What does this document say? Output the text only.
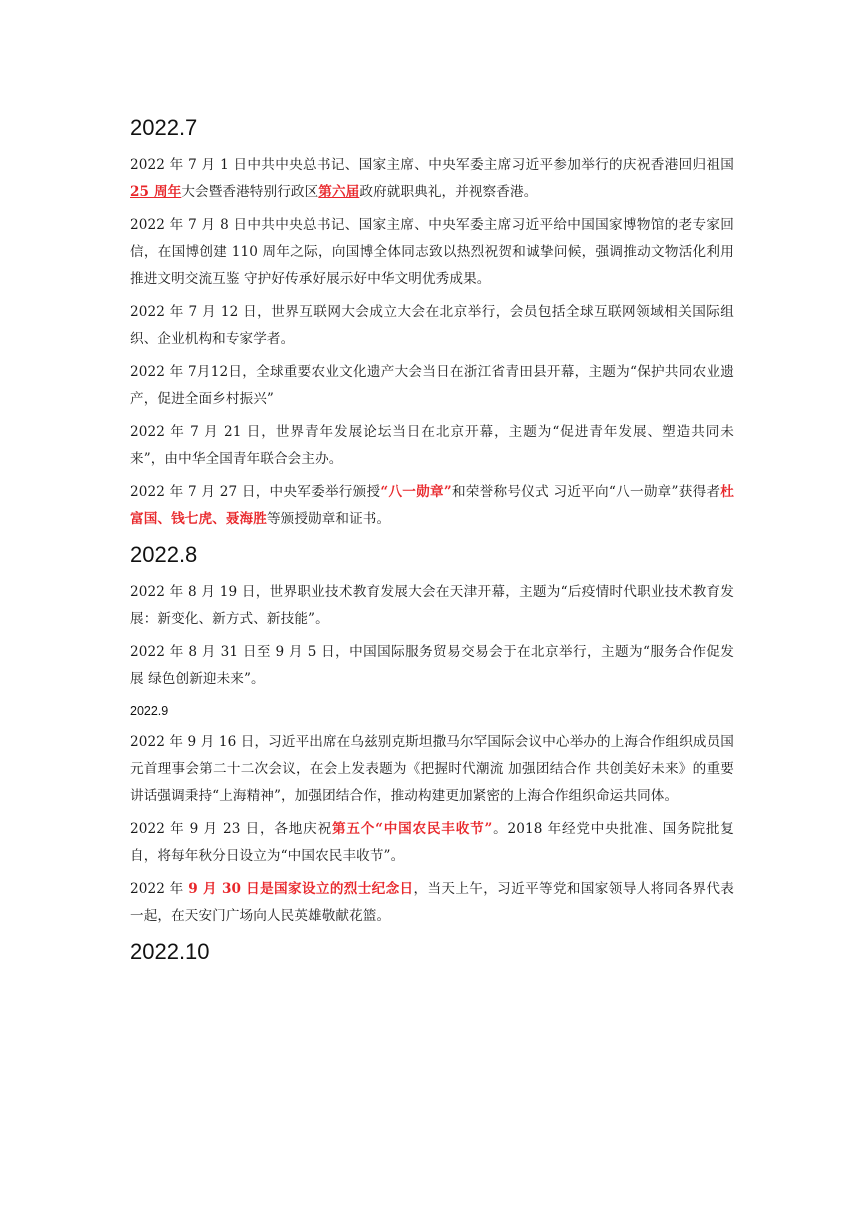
2022.7

2022 年 7 月 1 日中共中央总书记、国家主席、中央军委主席习近平参加举行的庆祝香港回归祖国 25 周年大会暨香港特别行政区第六届政府就职典礼，并视察香港。

2022 年 7 月 8 日中共中央总书记、国家主席、中央军委主席习近平给中国国家博物馆的老专家回信，在国博创建 110 周年之际，向国博全体同志致以热烈祝贺和诚挚问候，强调推动文物活化利用推进文明交流互鉴 守护好传承好展示好中华文明优秀成果。

2022 年 7 月 12 日，世界互联网大会成立大会在北京举行，会员包括全球互联网领域相关国际组织、企业机构和专家学者。

2022 年 7月12日，全球重要农业文化遗产大会当日在浙江省青田县开幕，主题为“保护共同农业遗产，促进全面乡村振兴”

2022 年 7 月 21 日，世界青年发展论坛当日在北京开幕，主题为“促进青年发展、塑造共同未来”，由中华全国青年联合会主办。

2022 年 7 月 27 日，中央军委举行颁授“八一勋章”和荣誉称号仪式 习近平向“八一勋章”获得者杜富国、钱七虎、聂海胜等颁授勋章和证书。

2022.8

2022 年 8 月 19 日，世界职业技术教育发展大会在天津开幕，主题为“后疫情时代职业技术教育发展：新变化、新方式、新技能”。

2022 年 8 月 31 日至 9 月 5 日，中国国际服务贸易交易会于在北京举行，主题为“服务合作促发展 绿色创新迎未来”。

2022.9

2022 年 9 月 16 日，习近平出席在乌兹别克斯坦撒马尔罕国际会议中心举办的上海合作组织成员国元首理事会第二十二次会议，在会上发表题为《把握时代潮流 加强团结合作 共创美好未来》的重要讲话强调秉持“上海精神”，加强团结合作，推动构建更加紧密的上海合作组织命运共同体。

2022 年 9 月 23 日，各地庆祝第五个“中国农民丰收节”。2018 年经党中央批准、国务院批复自，将每年秋分日设立为“中国农民丰收节”。

2022 年 9 月 30 日是国家设立的烈士纪念日，当天上午，习近平等党和国家领导人将同各界代表一起，在天安门广场向人民英雄敬献花篮。

2022.10
